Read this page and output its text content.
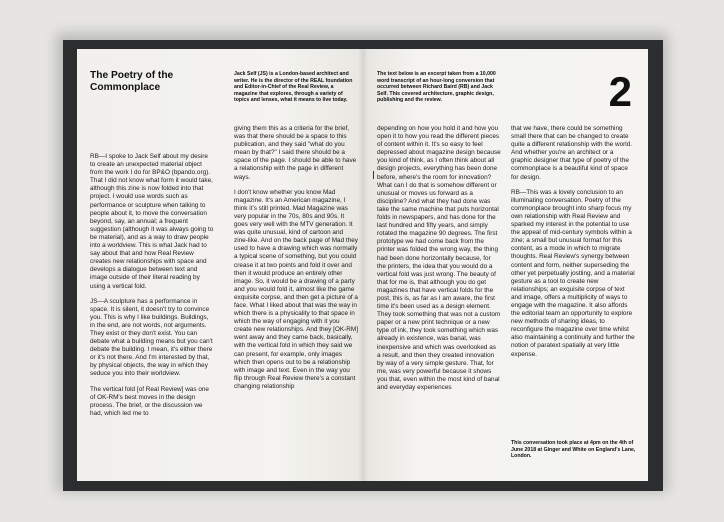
The Poetry of the Commonplace
Jack Self (JS) is a London-based architect and writer. He is the director of the REAL foundation and Editor-in-Chief of the Real Review, a magazine that explores, through a variety of topics and lenses, what it means to live today.

RB—I spoke to Jack Self about my desire to create an unexpected material object from the work I do for BP&O (bpando.org). That I did not know what form it would take, although this zine is now folded into that project. I would use words such as performance or sculpture when talking to people about it, to move the conversation beyond, say, an annual; a frequent suggestion (although it was always going to be material), and as a way to draw people into a worldview. This is what Jack had to say about that and how Real Review creates new relationships with space and develops a dialogue between text and image outside of their literal reading by using a vertical fold.

JS—A sculpture has a performance in space. It is silent, it doesn't try to convince you. This is why I like buildings. Buildings, in the end, are not words, not arguments. They exist or they don't exist. You can debate what a building means but you can't debate the building. I mean, it's either there or it's not there. And I'm interested by that, by physical objects, the way in which they seduce you into their worldview.

The vertical fold [of Real Review] was one of OK-RM's best moves in the design process. The brief, or the discussion we had, which led me to

giving them this as a criteria for the brief, was that there should be a space to this publication, and they said "what do you mean by that?" I said there should be a space of the page. I should be able to have a relationship with the page in different ways.

I don't know whether you know Mad magazine. It's an American magazine, I think it's still printed. Mad Magazine was very popular in the 70s, 80s and 90s. It goes very well with the MTV generation. It was quite unusual, kind of cartoon and zine-like. And on the back page of Mad they used to have a drawing which was normally a typical scene of something, but you could crease it at two points and fold it over and then it would produce an entirely other image. So, it would be a drawing of a party and you would fold it, almost like the game exquisite corpse, and then get a picture of a face. What I liked about that was the way in which there is a physicality to that space in which the way of engaging with it you create new relationships. And they [OK-RM] went away and they came back, basically, with the vertical fold in which they said we can present, for example, only images which then opens out to be a relationship with image and text. Even in the way you flip through Real Review there's a constant changing relationship

The text below is an excerpt taken from a 10,000 word transcript of an hour-long conversion that occurred between Richard Baird (RB) and Jack Self. This covered architecture, graphic design, publishing and the review.	2

depending on how you hold it and how you open it to how you read the different pieces of content within it. It's so easy to feel depressed about magazine design because you kind of think, as I often think about all design projects, everything has been done before, where's the room for innovation? What can I do that is somehow different or unusual or moves us forward as a discipline? And what they had done was take the same machine that puts horizontal folds in newspapers, and has done for the last hundred and fifty years, and simply rotated the magazine 90 degrees. The first prototype we had come back from the printer was folded the wrong way, the thing had been done horizontally because, for the printers, the idea that you would do a vertical fold was just wrong. The beauty of that for me is, that although you do get magazines that have vertical folds for the post, this is, as far as I am aware, the first time it's been used as a design element. They took something that was not a custom paper or a new print technique or a new type of ink, they took something which was already in existence, was banal, was inexpensive and which was overlooked as a result, and then they created innovation by way of a very simple gesture. That, for me, was very powerful because it shows you that, even within the most kind of banal and everyday experiences

that we have, there could be something small there that can be changed to create quite a different relationship with the world. And whether you're an architect or a graphic designer that type of poetry of the commonplace is a beautiful kind of space for design.

RB—This was a lovely conclusion to an illuminating conversation. Poetry of the commonplace brought into sharp focus my own relationship with Real Review and sparked my interest in the potential to use the appeal of mid-century symbols within a zine; a small but unusual format for this content, as a mode in which to migrate thoughts. Real Review's synergy between content and form, neither superseding the other yet perpetually jostling, and a material gesture as a tool to create new relationships; an exquisite corpse of text and image, offers a multiplicity of ways to engage with the magazine. It also affords the editorial team an opportunity to explore new methods of sharing ideas, to reconfigure the magazine over time whilst also maintaining a continuity and further the notion of paratext spatially at very little expense.

This conversation took place at 4pm on the 4th of June 2018 at Ginger and White on England's Lane, London.
